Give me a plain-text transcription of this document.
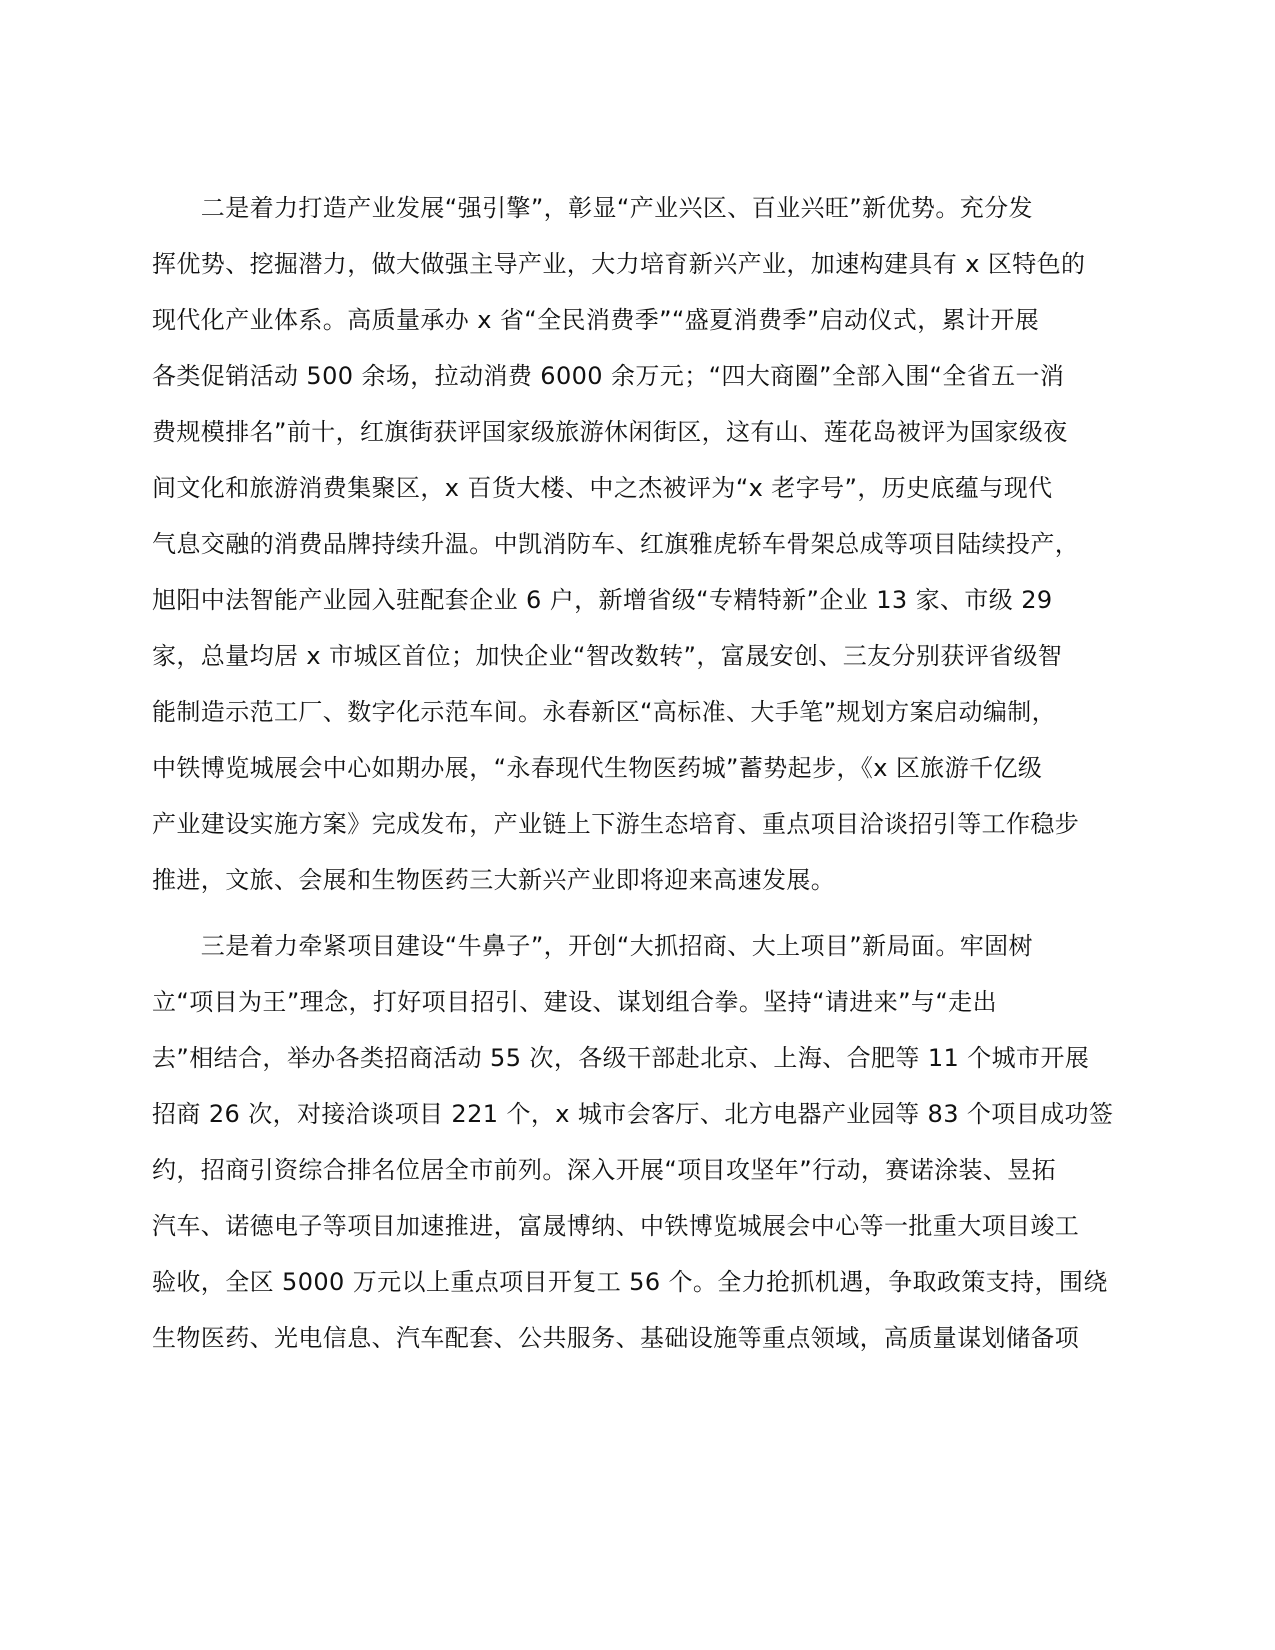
　　二是着力打造产业发展“强引擎”，彰显“产业兴区、百业兴旺”新优势。充分发
挥优势、挖掘潜力，做大做强主导产业，大力培育新兴产业，加速构建具有 x 区特色的
现代化产业体系。高质量承办 x 省“全民消费季”“盛夏消费季”启动仪式，累计开展
各类促销活动 500 余场，拉动消费 6000 余万元；“四大商圈”全部入围“全省五一消
费规模排名”前十，红旗街获评国家级旅游休闲街区，这有山、莲花岛被评为国家级夜
间文化和旅游消费集聚区，x 百货大楼、中之杰被评为“x 老字号”，历史底蕴与现代
气息交融的消费品牌持续升温。中凯消防车、红旗雅虎轿车骨架总成等项目陆续投产，
旭阳中法智能产业园入驻配套企业 6 户，新增省级“专精特新”企业 13 家、市级 29
家，总量均居 x 市城区首位；加快企业“智改数转”，富晟安创、三友分别获评省级智
能制造示范工厂、数字化示范车间。永春新区“高标准、大手笔”规划方案启动编制，
中铁博览城展会中心如期办展，“永春现代生物医药城”蓄势起步，《x 区旅游千亿级
产业建设实施方案》完成发布，产业链上下游生态培育、重点项目洽谈招引等工作稳步
推进，文旅、会展和生物医药三大新兴产业即将迎来高速发展。
　　三是着力牵紧项目建设“牛鼻子”，开创“大抓招商、大上项目”新局面。牢固树
立“项目为王”理念，打好项目招引、建设、谋划组合拳。坚持“请进来”与“走出
去”相结合，举办各类招商活动 55 次，各级干部赴北京、上海、合肥等 11 个城市开展
招商 26 次，对接洽谈项目 221 个，x 城市会客厅、北方电器产业园等 83 个项目成功签
约，招商引资综合排名位居全市前列。深入开展“项目攻坚年”行动，赛诺涂装、昱拓
汽车、诺德电子等项目加速推进，富晟博纳、中铁博览城展会中心等一批重大项目竣工
验收，全区 5000 万元以上重点项目开复工 56 个。全力抢抓机遇，争取政策支持，围绕
生物医药、光电信息、汽车配套、公共服务、基础设施等重点领域，高质量谋划储备项
